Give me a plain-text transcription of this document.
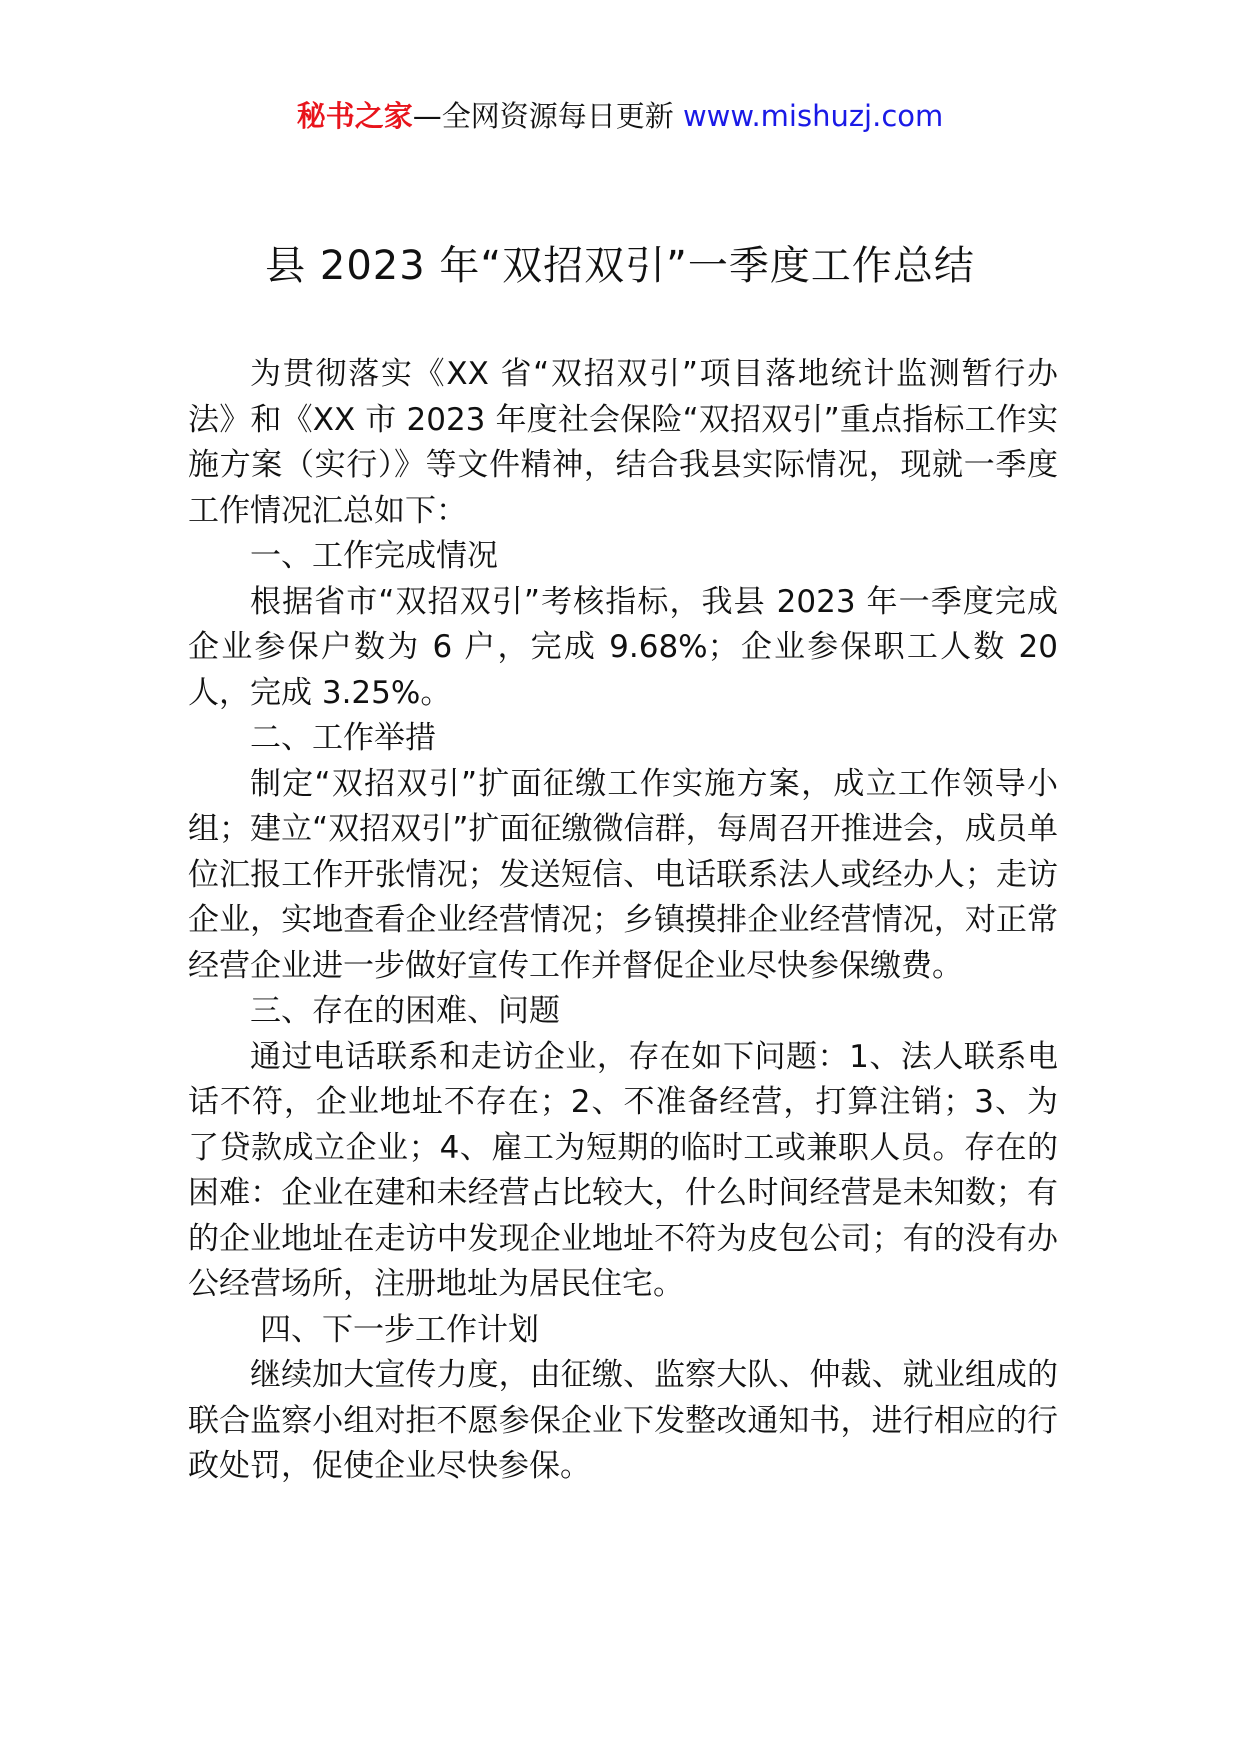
秘书之家—全网资源每日更新 www.mishuzj.com
县 2023 年“双招双引”一季度工作总结

为贯彻落实《XX 省“双招双引”项目落地统计监测暂行办法》和《XX 市 2023 年度社会保险“双招双引”重点指标工作实施方案（实行）》等文件精神，结合我县实际情况，现就一季度工作情况汇总如下：

一、工作完成情况

根据省市“双招双引”考核指标，我县 2023 年一季度完成企业参保户数为 6 户，完成 9.68%；企业参保职工人数 20 人，完成 3.25%。

二、工作举措

制定“双招双引”扩面征缴工作实施方案，成立工作领导小组；建立“双招双引”扩面征缴微信群，每周召开推进会，成员单位汇报工作开张情况；发送短信、电话联系法人或经办人；走访企业，实地查看企业经营情况；乡镇摸排企业经营情况，对正常经营企业进一步做好宣传工作并督促企业尽快参保缴费。

三、存在的困难、问题

通过电话联系和走访企业，存在如下问题：1、法人联系电话不符，企业地址不存在；2、不准备经营，打算注销；3、为了贷款成立企业；4、雇工为短期的临时工或兼职人员。存在的困难：企业在建和未经营占比较大，什么时间经营是未知数；有的企业地址在走访中发现企业地址不符为皮包公司；有的没有办公经营场所，注册地址为居民住宅。

四、下一步工作计划

继续加大宣传力度，由征缴、监察大队、仲裁、就业组成的联合监察小组对拒不愿参保企业下发整改通知书，进行相应的行政处罚，促使企业尽快参保。
